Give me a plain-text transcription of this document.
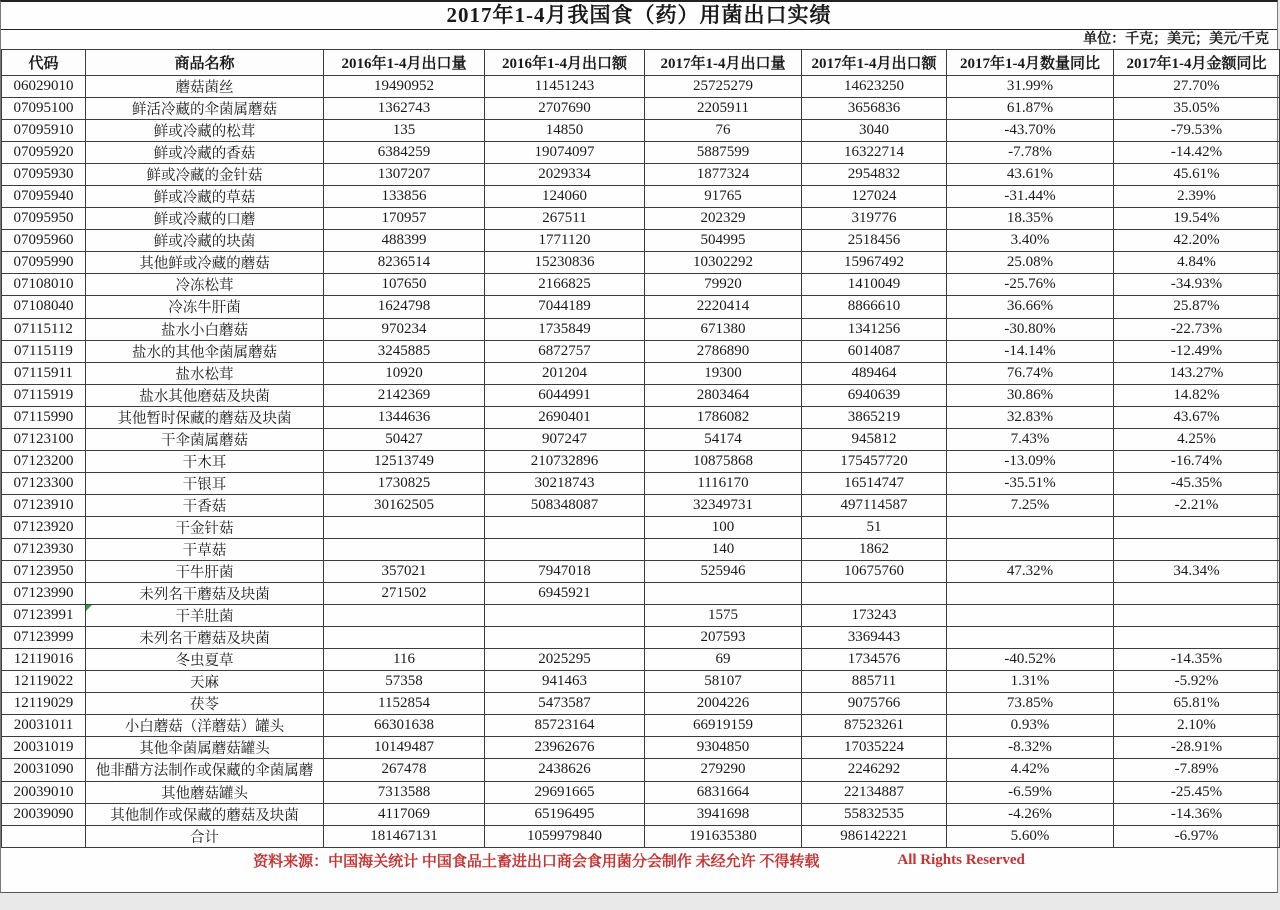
2017年1-4月我国食（药）用菌出口实绩
单位：千克；美元；美元/千克
代码	商品名称	2016年1-4月出口量	2016年1-4月出口额	2017年1-4月出口量	2017年1-4月出口额	2017年1-4月数量同比	2017年1-4月金额同比
06029010	蘑菇菌丝	19490952	11451243	25725279	14623250	31.99%	27.70%
07095100	鲜活冷藏的伞菌属蘑菇	1362743	2707690	2205911	3656836	61.87%	35.05%
07095910	鲜或冷藏的松茸	135	14850	76	3040	-43.70%	-79.53%
07095920	鲜或冷藏的香菇	6384259	19074097	5887599	16322714	-7.78%	-14.42%
07095930	鲜或冷藏的金针菇	1307207	2029334	1877324	2954832	43.61%	45.61%
07095940	鲜或冷藏的草菇	133856	124060	91765	127024	-31.44%	2.39%
07095950	鲜或冷藏的口蘑	170957	267511	202329	319776	18.35%	19.54%
07095960	鲜或冷藏的块菌	488399	1771120	504995	2518456	3.40%	42.20%
07095990	其他鲜或冷藏的蘑菇	8236514	15230836	10302292	15967492	25.08%	4.84%
07108010	冷冻松茸	107650	2166825	79920	1410049	-25.76%	-34.93%
07108040	冷冻牛肝菌	1624798	7044189	2220414	8866610	36.66%	25.87%
07115112	盐水小白蘑菇	970234	1735849	671380	1341256	-30.80%	-22.73%
07115119	盐水的其他伞菌属蘑菇	3245885	6872757	2786890	6014087	-14.14%	-12.49%
07115911	盐水松茸	10920	201204	19300	489464	76.74%	143.27%
07115919	盐水其他磨菇及块菌	2142369	6044991	2803464	6940639	30.86%	14.82%
07115990	其他暂时保藏的蘑菇及块菌	1344636	2690401	1786082	3865219	32.83%	43.67%
07123100	干伞菌属蘑菇	50427	907247	54174	945812	7.43%	4.25%
07123200	干木耳	12513749	210732896	10875868	175457720	-13.09%	-16.74%
07123300	干银耳	1730825	30218743	1116170	16514747	-35.51%	-45.35%
07123910	干香菇	30162505	508348087	32349731	497114587	7.25%	-2.21%
07123920	干金针菇			100	51		
07123930	干草菇			140	1862		
07123950	干牛肝菌	357021	7947018	525946	10675760	47.32%	34.34%
07123990	未列名干蘑菇及块菌	271502	6945921				
07123991	干羊肚菌			1575	173243		
07123999	未列名干蘑菇及块菌			207593	3369443		
12119016	冬虫夏草	116	2025295	69	1734576	-40.52%	-14.35%
12119022	天麻	57358	941463	58107	885711	1.31%	-5.92%
12119029	茯苓	1152854	5473587	2004226	9075766	73.85%	65.81%
20031011	小白蘑菇（洋蘑菇）罐头	66301638	85723164	66919159	87523261	0.93%	2.10%
20031019	其他伞菌属蘑菇罐头	10149487	23962676	9304850	17035224	-8.32%	-28.91%
20031090	他非醋方法制作或保藏的伞菌属蘑	267478	2438626	279290	2246292	4.42%	-7.89%
20039010	其他蘑菇罐头	7313588	29691665	6831664	22134887	-6.59%	-25.45%
20039090	其他制作或保藏的蘑菇及块菌	4117069	65196495	3941698	55832535	-4.26%	-14.36%
	合计	181467131	1059979840	191635380	986142221	5.60%	-6.97%
资料来源：中国海关统计 中国食品土畜进出口商会食用菌分会制作 未经允许 不得转载	All Rights Reserved
